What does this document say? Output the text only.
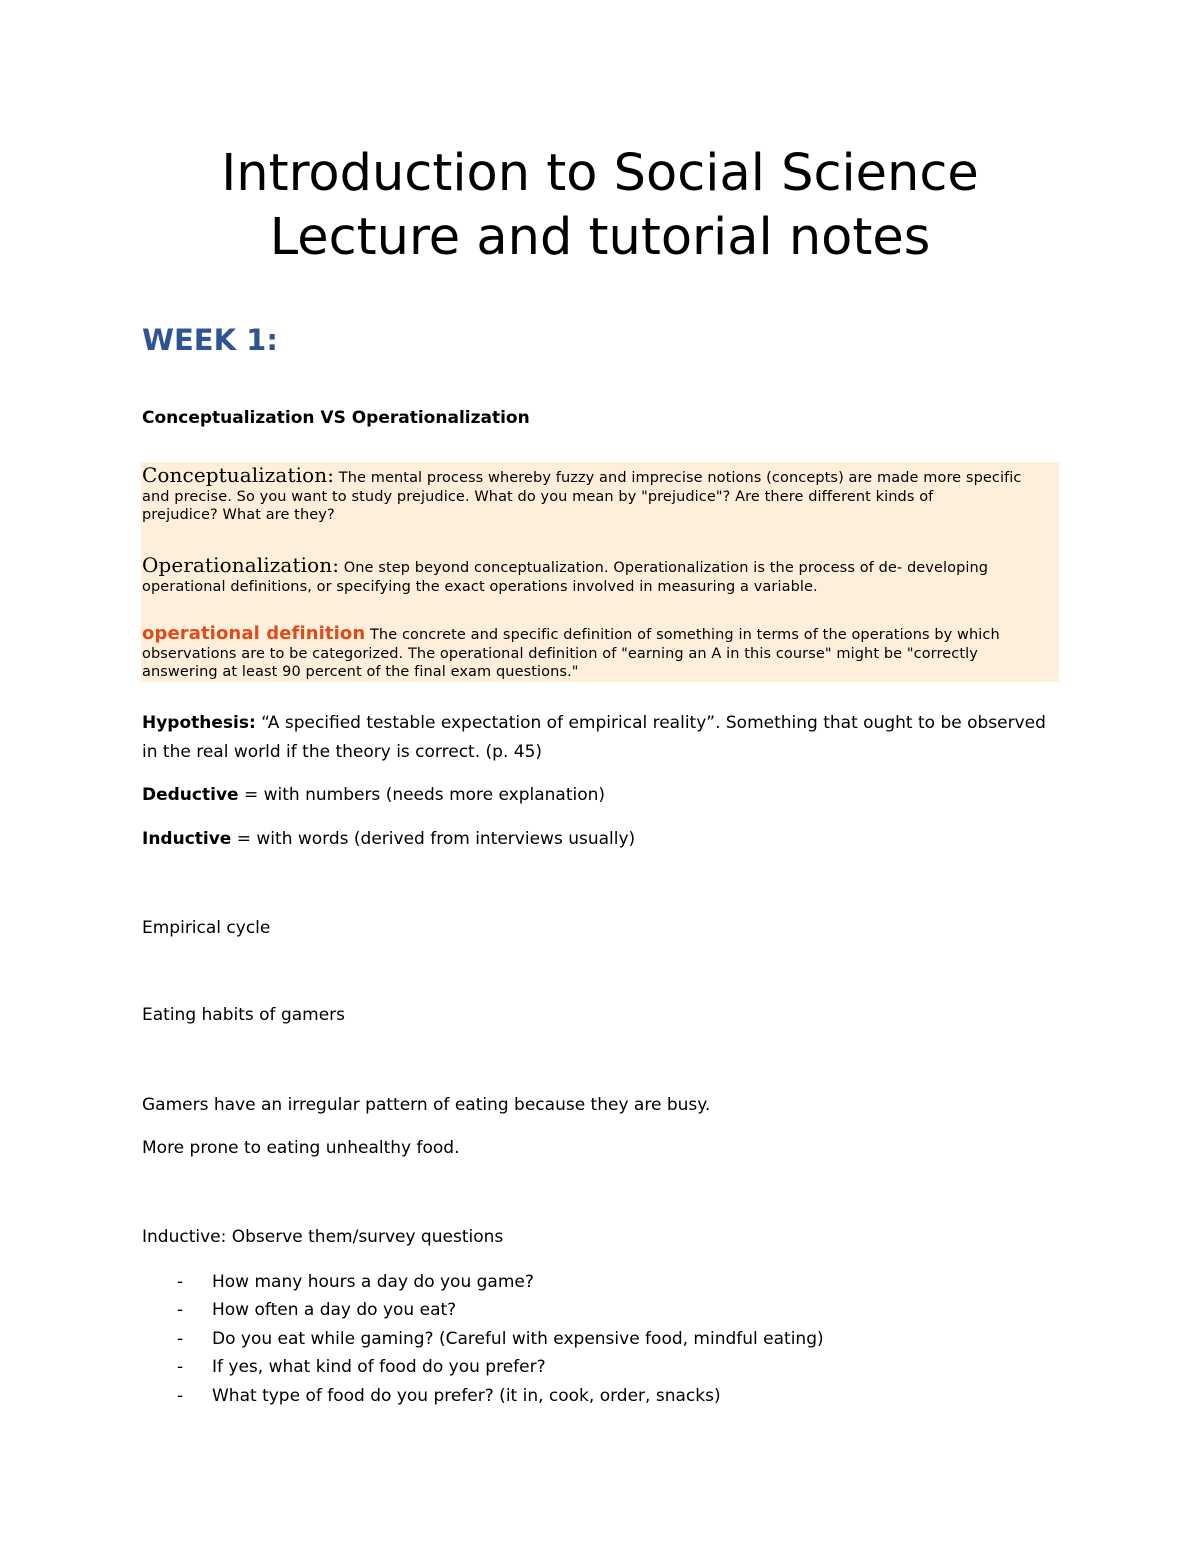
Introduction to Social Science
Lecture and tutorial notes
WEEK 1:

Conceptualization VS Operationalization

Conceptualization: The mental process whereby fuzzy and imprecise notions (concepts) are made more specific
and precise. So you want to study prejudice. What do you mean by "prejudice"? Are there different kinds of
prejudice? What are they?
Operationalization: One step beyond conceptualization. Operationalization is the process of de- developing
operational definitions, or specifying the exact operations involved in measuring a variable.
operational definition The concrete and specific definition of something in terms of the operations by which
observations are to be categorized. The operational definition of "earning an A in this course" might be "correctly
answering at least 90 percent of the final exam questions."

Hypothesis: “A specified testable expectation of empirical reality”. Something that ought to be observed

in the real world if the theory is correct. (p. 45)

Deductive = with numbers (needs more explanation)

Inductive = with words (derived from interviews usually)

Empirical cycle

Eating habits of gamers

Gamers have an irregular pattern of eating because they are busy.

More prone to eating unhealthy food.

Inductive: Observe them/survey questions

- How many hours a day do you game?
- How often a day do you eat?
- Do you eat while gaming? (Careful with expensive food, mindful eating)
- If yes, what kind of food do you prefer?
- What type of food do you prefer? (it in, cook, order, snacks)
